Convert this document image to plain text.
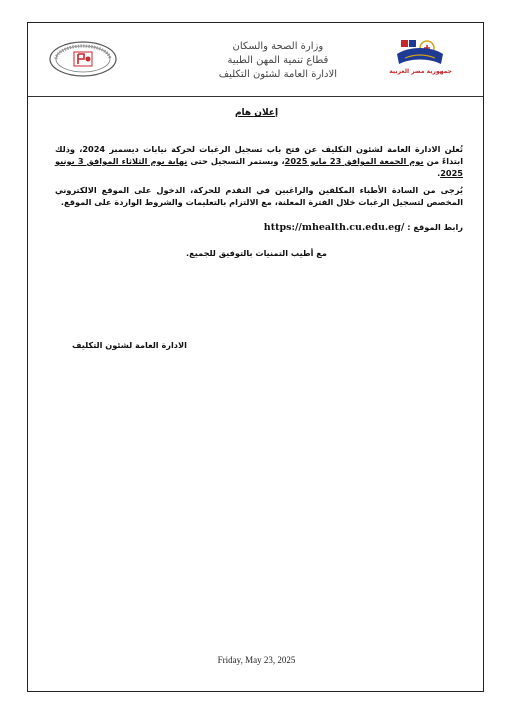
جمهورية مصر العربية
وزارة الصحة والسكان
قطاع تنمية المهن الطبية
الادارة العامة لشئون التكليف
إعلان هام
تُعلن الادارة العامة لشئون التكليف عن فتح باب تسجيل الرغبات لحركة نيابات ديسمبر 2024، وذلك ابتداءً من يوم الجمعة الموافق 23 مايو 2025، ويستمر التسجيل حتى نهاية يوم الثلاثاء الموافق 3 يونيو 2025.
يُرجى من السادة الأطباء المكلفين والراغبين في التقدم للحركة، الدخول على الموقع الالكتروني المخصص لتسجيل الرغبات خلال الفترة المعلنة، مع الالتزام بالتعليمات والشروط الواردة على الموقع.
رابط الموقع : https://mhealth.cu.edu.eg/
مع أطيب التمنيات بالتوفيق للجميع.
الادارة العامة لشئون التكليف
Friday, May 23, 2025
